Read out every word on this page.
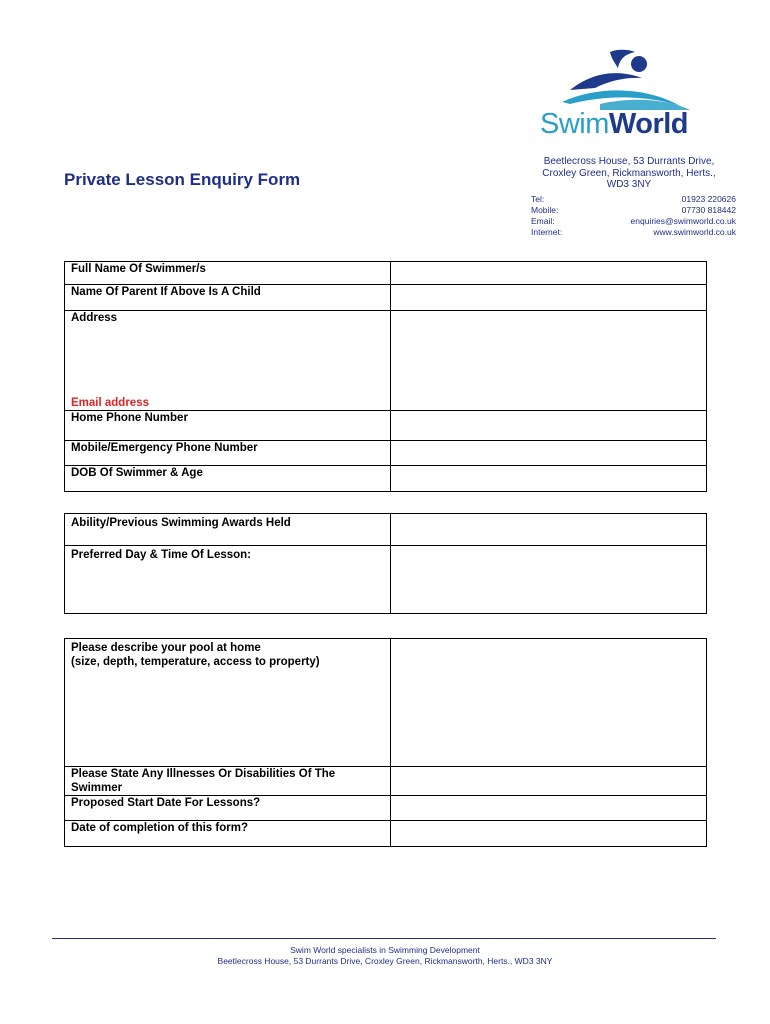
SwimWorld
Private Lesson Enquiry Form
Beetlecross House, 53 Durrants Drive,
Croxley Green, Rickmansworth, Herts.,
WD3 3NY
Tel:	01923 220626
Mobile:	07730 818442
Email:	enquiries@swimworld.co.uk
Internet:	www.swimworld.co.uk
Full Name Of Swimmer/s	
Name Of Parent If Above Is A Child	

Address
Email address	

Home Phone Number	
Mobile/Emergency Phone Number	
DOB Of Swimmer & Age	
Ability/Previous Swimming Awards Held	
Preferred Day & Time Of Lesson:	
Please describe your pool at home
(size, depth, temperature, access to property)	

Please State Any Illnesses Or Disabilities Of The
Swimmer	

Proposed Start Date For Lessons?	
Date of completion of this form?	
Swim World specialists in Swimming Development
Beetlecross House, 53 Durrants Drive, Croxley Green, Rickmansworth, Herts., WD3 3NY
